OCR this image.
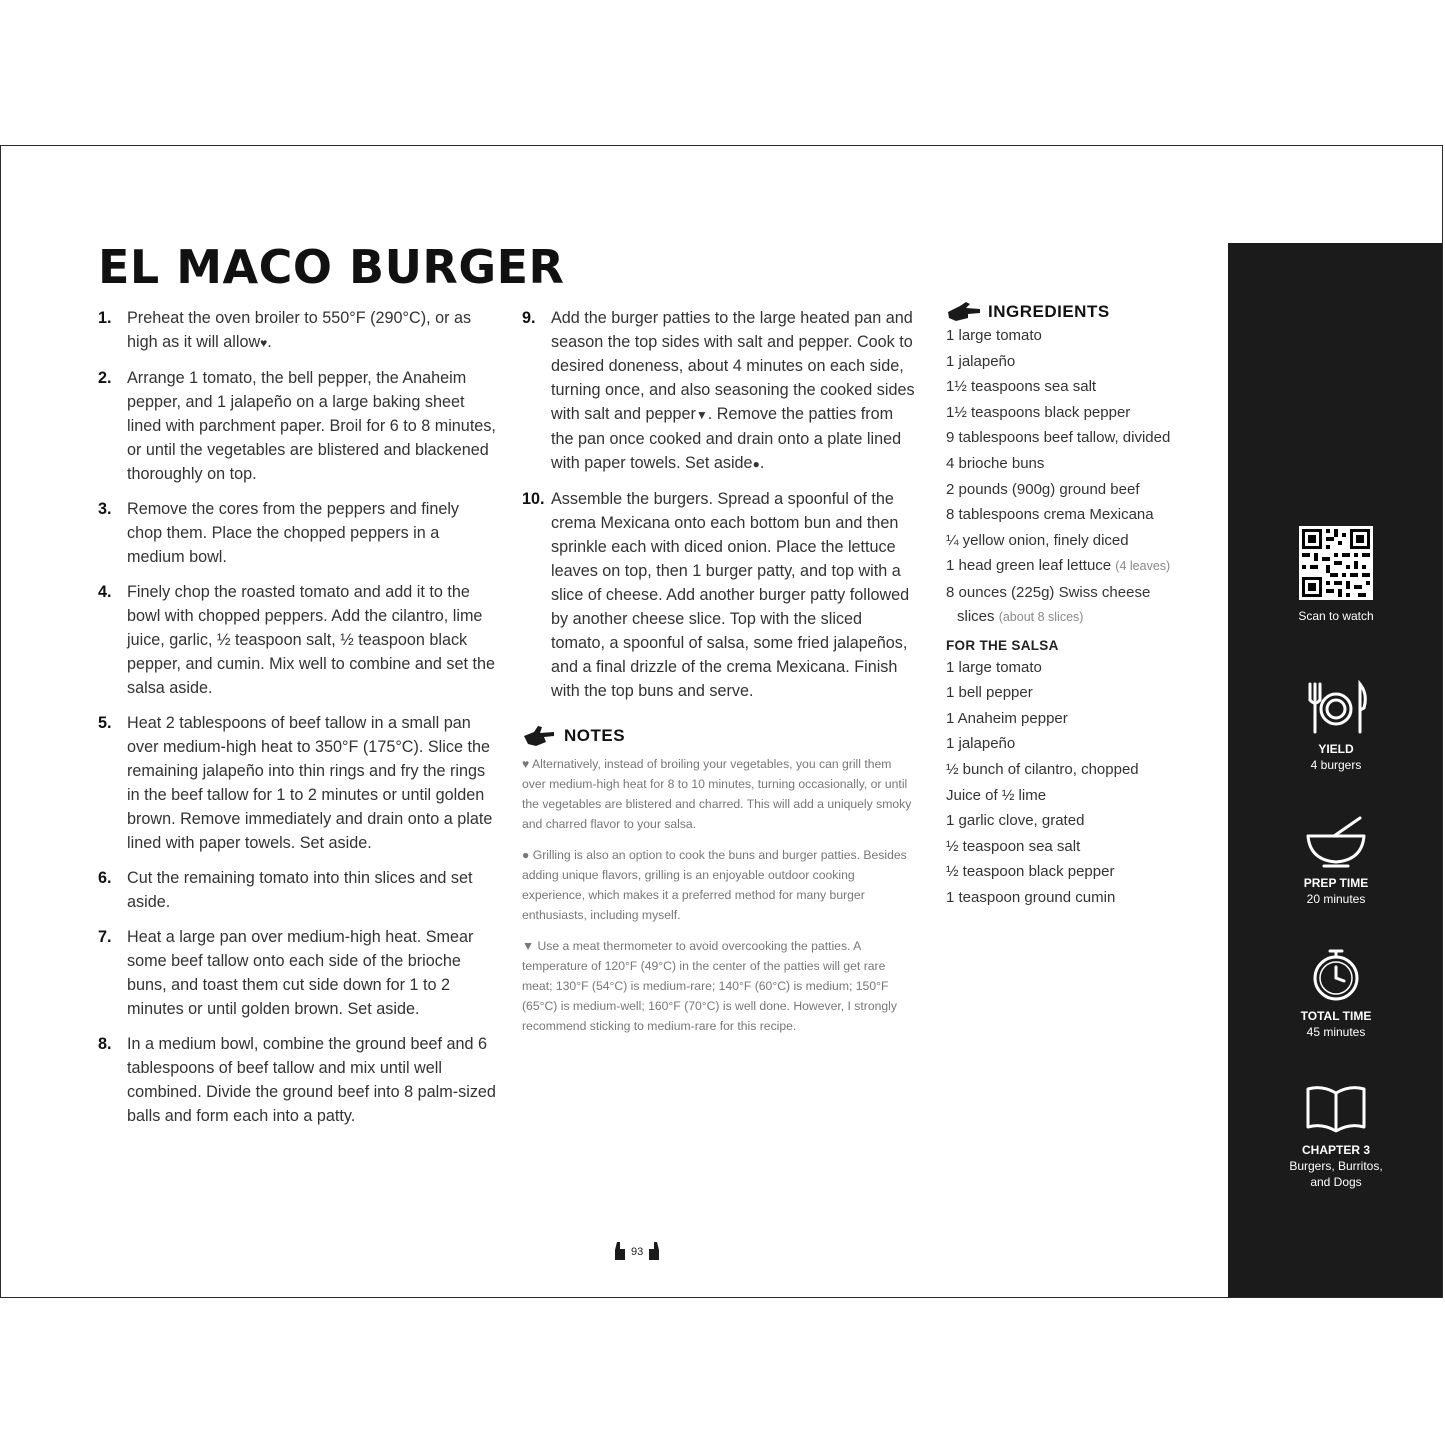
EL MACO BURGER
1. Preheat the oven broiler to 550°F (290°C), or as high as it will allow♥.
2. Arrange 1 tomato, the bell pepper, the Anaheim pepper, and 1 jalapeño on a large baking sheet lined with parchment paper. Broil for 6 to 8 minutes, or until the vegetables are blistered and blackened thoroughly on top.
3. Remove the cores from the peppers and finely chop them. Place the chopped peppers in a medium bowl.
4. Finely chop the roasted tomato and add it to the bowl with chopped peppers. Add the cilantro, lime juice, garlic, ½ teaspoon salt, ½ teaspoon black pepper, and cumin. Mix well to combine and set the salsa aside.
5. Heat 2 tablespoons of beef tallow in a small pan over medium-high heat to 350°F (175°C). Slice the remaining jalapeño into thin rings and fry the rings in the beef tallow for 1 to 2 minutes or until golden brown. Remove immediately and drain onto a plate lined with paper towels. Set aside.
6. Cut the remaining tomato into thin slices and set aside.
7. Heat a large pan over medium-high heat. Smear some beef tallow onto each side of the brioche buns, and toast them cut side down for 1 to 2 minutes or until golden brown. Set aside.
8. In a medium bowl, combine the ground beef and 6 tablespoons of beef tallow and mix until well combined. Divide the ground beef into 8 palm-sized balls and form each into a patty.
9. Add the burger patties to the large heated pan and season the top sides with salt and pepper. Cook to desired doneness, about 4 minutes on each side, turning once, and also seasoning the cooked sides with salt and pepper▼. Remove the patties from the pan once cooked and drain onto a plate lined with paper towels. Set aside●.
10. Assemble the burgers. Spread a spoonful of the crema Mexicana onto each bottom bun and then sprinkle each with diced onion. Place the lettuce leaves on top, then 1 burger patty, and top with a slice of cheese. Add another burger patty followed by another cheese slice. Top with the sliced tomato, a spoonful of salsa, some fried jalapeños, and a final drizzle of the crema Mexicana. Finish with the top buns and serve.
NOTES

♥ Alternatively, instead of broiling your vegetables, you can grill them over medium-high heat for 8 to 10 minutes, turning occasionally, or until the vegetables are blistered and charred. This will add a uniquely smoky and charred flavor to your salsa.

● Grilling is also an option to cook the buns and burger patties. Besides adding unique flavors, grilling is an enjoyable outdoor cooking experience, which makes it a preferred method for many burger enthusiasts, including myself.

▼ Use a meat thermometer to avoid overcooking the patties. A temperature of 120°F (49°C) in the center of the patties will get rare meat; 130°F (54°C) is medium-rare; 140°F (60°C) is medium; 150°F (65°C) is medium-well; 160°F (70°C) is well done. However, I strongly recommend sticking to medium-rare for this recipe.

INGREDIENTS
1 large tomato
1 jalapeño
1½ teaspoons sea salt
1½ teaspoons black pepper
9 tablespoons beef tallow, divided
4 brioche buns
2 pounds (900g) ground beef
8 tablespoons crema Mexicana
¼ yellow onion, finely diced
1 head green leaf lettuce (4 leaves)
8 ounces (225g) Swiss cheese
slices (about 8 slices)
FOR THE SALSA
1 large tomato
1 bell pepper
1 Anaheim pepper
1 jalapeño
½ bunch of cilantro, chopped
Juice of ½ lime
1 garlic clove, grated
½ teaspoon sea salt
½ teaspoon black pepper
1 teaspoon ground cumin
Scan to watch
YIELD
4 burgers
PREP TIME
20 minutes
TOTAL TIME
45 minutes
CHAPTER 3
Burgers, Burritos,
and Dogs
93
